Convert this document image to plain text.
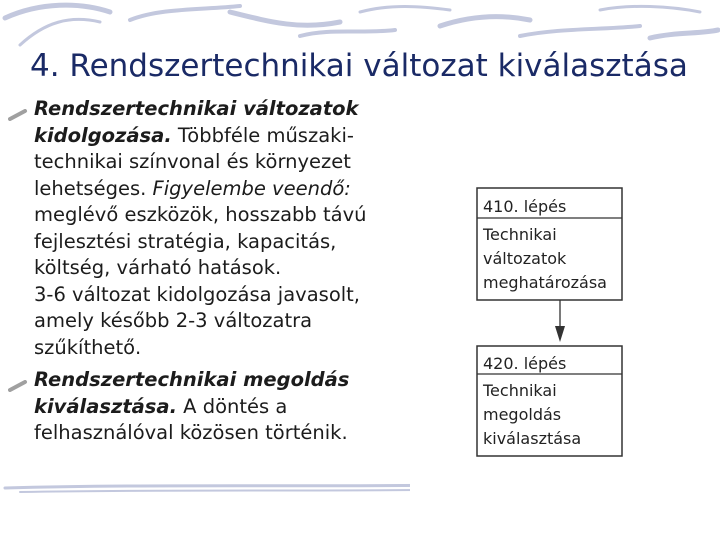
4. Rendszertechnikai változat kiválasztása

Rendszertechnikai változatok kidolgozása. Többféle műszaki-technikai színvonal és környezet lehetséges. Figyelembe veendő: meglévő eszközök, hosszabb távú fejlesztési stratégia, kapacitás, költség, várható hatások.
3-6 változat kidolgozása javasolt, amely később 2-3 változatra szűkíthető.

Rendszertechnikai megoldás kiválasztása. A döntés a felhasználóval közösen történik.

410. lépés
Technikai
változatok
meghatározása
420. lépés
Technikai
megoldás
kiválasztása
